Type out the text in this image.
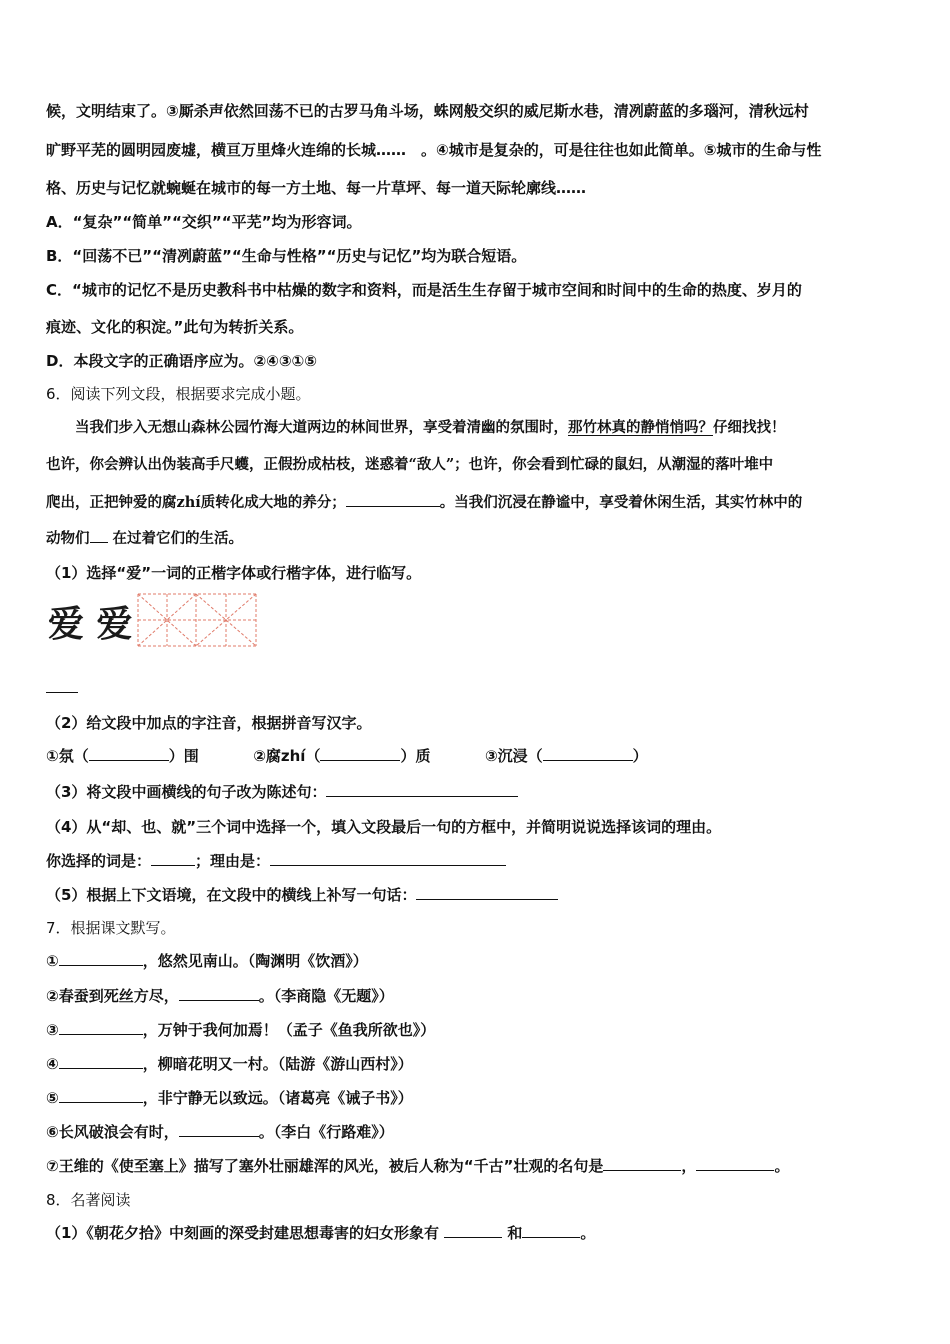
候，文明结束了。③厮杀声依然回荡不已的古罗马角斗场，蛛网般交织的威尼斯水巷，清冽蔚蓝的多瑙河，清秋远村
旷野平芜的圆明园废墟，横亘万里烽火连绵的长城……　。④城市是复杂的，可是往往也如此简单。⑤城市的生命与性
格、历史与记忆就蜿蜒在城市的每一方土地、每一片草坪、每一道天际轮廓线……
A．“复杂”“简单”“交织”“平芜”均为形容词。
B．“回荡不已”“清冽蔚蓝”“生命与性格”“历史与记忆”均为联合短语。
C．“城市的记忆不是历史教科书中枯燥的数字和资料，而是活生生存留于城市空间和时间中的生命的热度、岁月的
痕迹、文化的积淀。”此句为转折关系。
D．本段文字的正确语序应为。②④③①⑤
6．阅读下列文段，根据要求完成小题。
　　当我们步入无想山森林公园竹海大道两边的林间世界，享受着清幽的氛围时，那竹林真的静悄悄吗？仔细找找！
也许，你会辨认出伪装高手尺蠖，正假扮成枯枝，迷惑着“敌人”；也许，你会看到忙碌的鼠妇，从潮湿的落叶堆中
爬出，正把钟爱的腐zhí质转化成大地的养分；	。当我们沉浸在静谧中，享受着休闲生活，其实竹林中的
动物们 在过着它们的生活。
（1）选择“爱”一词的正楷字体或行楷字体，进行临写。
爱 爱
（2）给文段中加点的字注音，根据拼音写汉字。
①氛（	）围	②腐zhí（	）质	③沉浸（	）
（3）将文段中画横线的句子改为陈述句：
（4）从“却、也、就”三个词中选择一个，填入文段最后一句的方框中，并简明说说选择该词的理由。
你选择的词是：	；理由是：
（5）根据上下文语境，在文段中的横线上补写一句话：
7．根据课文默写。
①	，悠然见南山。（陶渊明《饮酒》）
②春蚕到死丝方尽，	。（李商隐《无题》）
③	，万钟于我何加焉！（孟子《鱼我所欲也》）
④	，柳暗花明又一村。（陆游《游山西村》）
⑤	，非宁静无以致远。（诸葛亮《诫子书》）
⑥长风破浪会有时，	。（李白《行路难》）
⑦王维的《使至塞上》描写了塞外壮丽雄浑的风光，被后人称为“千古”壮观的名句是	，	。
8．名著阅读
（1）《朝花夕拾》中刻画的深受封建思想毒害的妇女形象有	和	。
